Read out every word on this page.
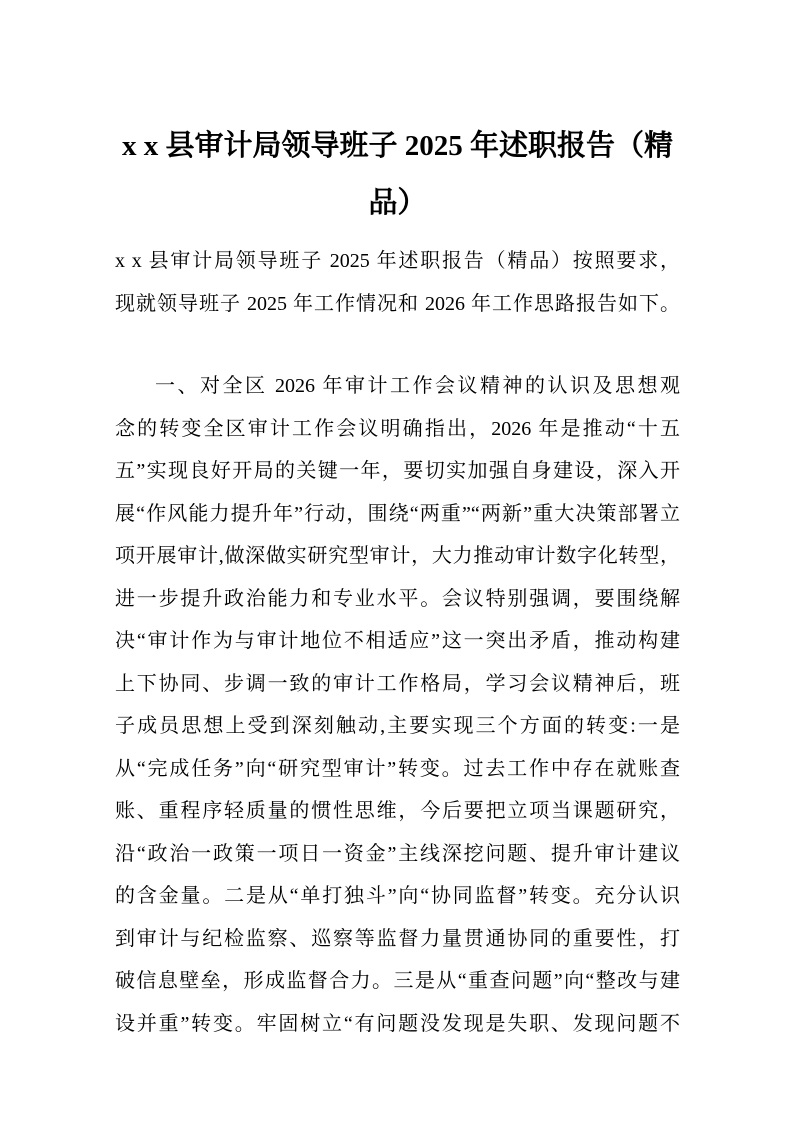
x x 县审计局领导班子 2025 年述职报告（精
品）
x x 县审计局领导班子 2025 年述职报告（精品）按照要求，
现就领导班子 2025 年工作情况和 2026 年工作思路报告如下。
一、对全区 2026 年审计工作会议精神的认识及思想观
念的转变全区审计工作会议明确指出，2026 年是推动“十五
五”实现良好开局的关键一年，要切实加强自身建设，深入开
展“作风能力提升年”行动，围绕“两重”“两新”重大决策部署立
项开展审计,做深做实研究型审计，大力推动审计数字化转型，
进一步提升政治能力和专业水平。会议特别强调，要围绕解
决“审计作为与审计地位不相适应”这一突出矛盾，推动构建
上下协同、步调一致的审计工作格局，学习会议精神后，班
子成员思想上受到深刻触动,主要实现三个方面的转变:一是
从“完成任务”向“研究型审计”转变。过去工作中存在就账查
账、重程序轻质量的惯性思维，今后要把立项当课题研究，
沿“政治一政策一项日一资金”主线深挖问题、提升审计建议
的含金量。二是从“单打独斗”向“协同监督”转变。充分认识
到审计与纪检监察、巡察等监督力量贯通协同的重要性，打
破信息壁垒，形成监督合力。三是从“重查问题”向“整改与建
设并重”转变。牢固树立“有问题没发现是失职、发现问题不
